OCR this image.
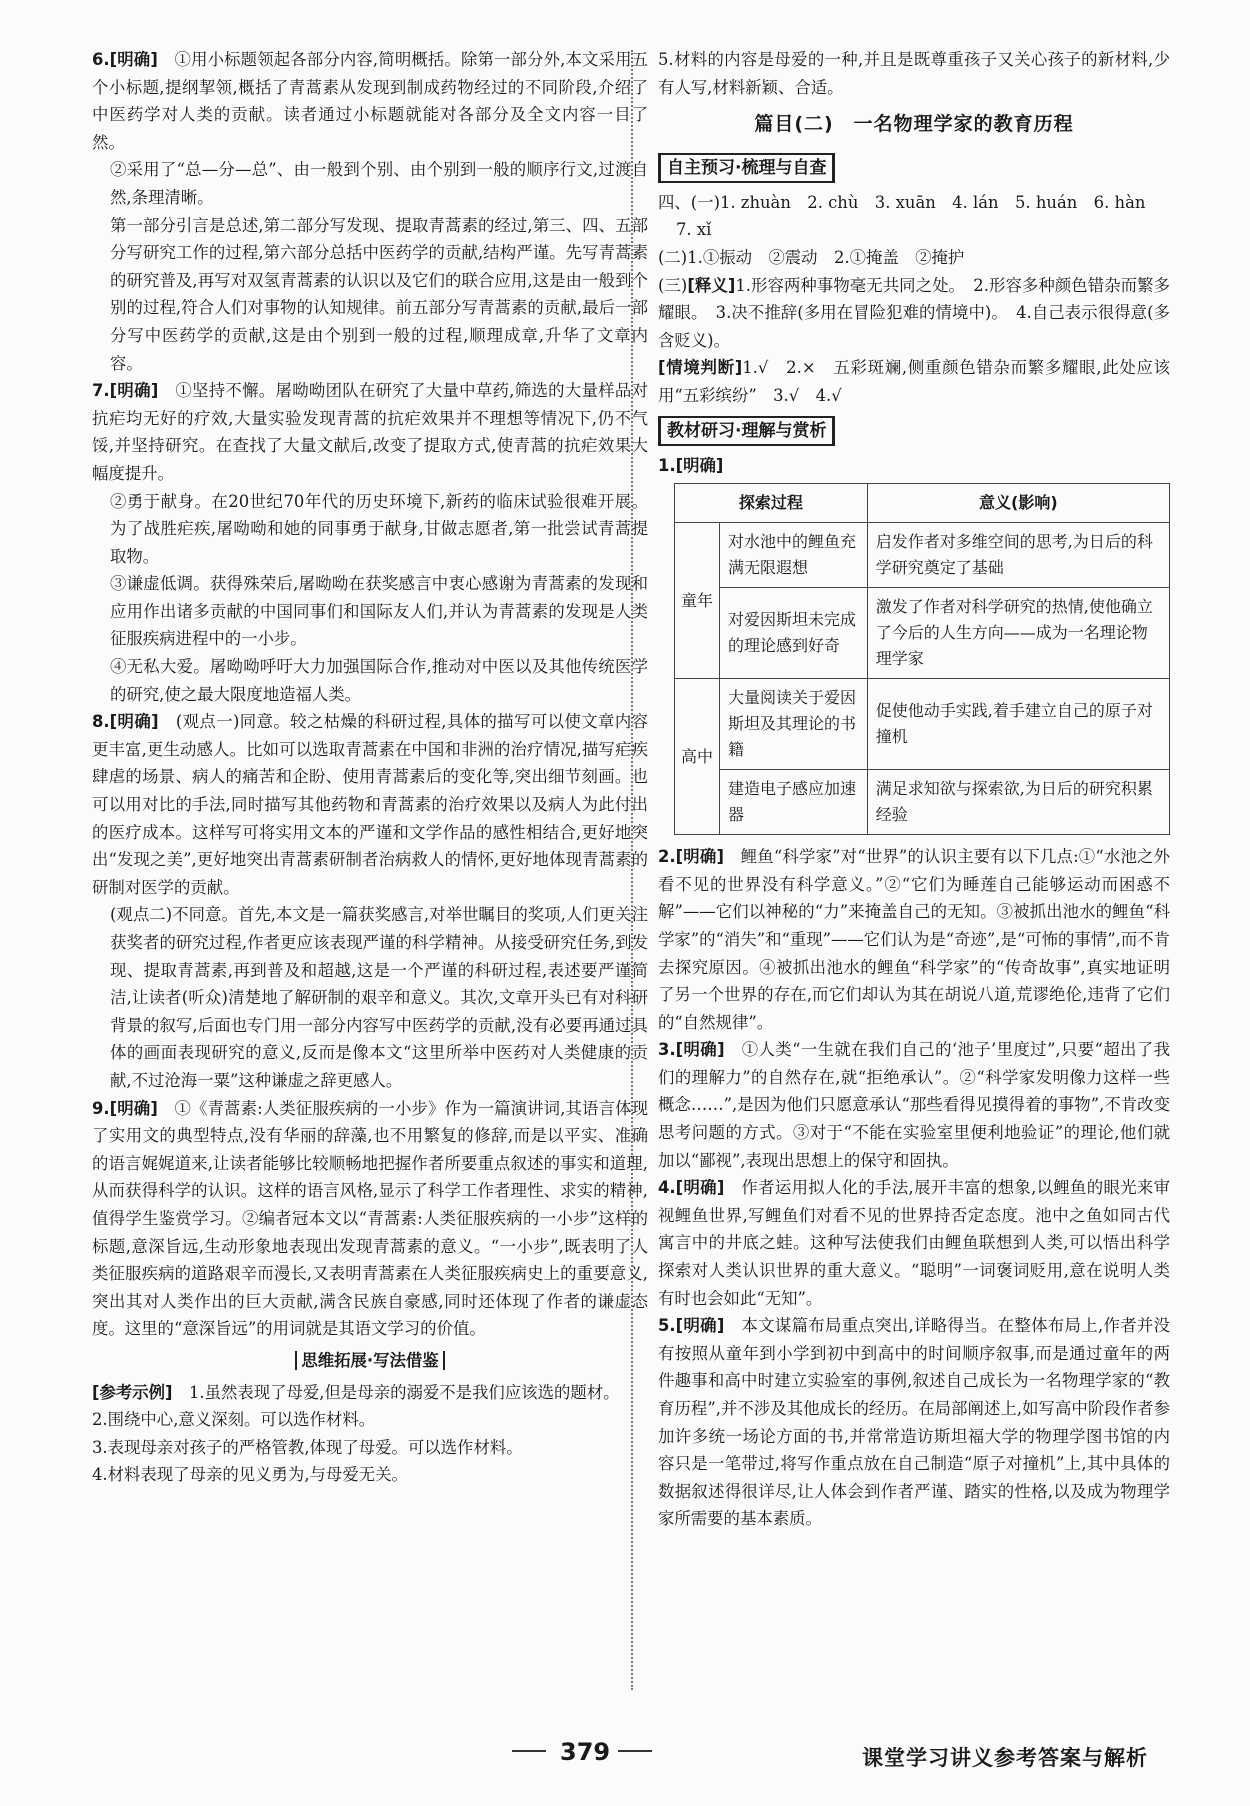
6.[明确]　 ①用小标题领起各部分内容,简明概括。除第一部分外,本文采用五个小标题,提纲挈领,概括了青蒿素从发现到制成药物经过的不同阶段,介绍了中医药学对人类的贡献。读者通过小标题就能对各部分及全文内容一目了然。

②采用了“总—分—总”、由一般到个别、由个别到一般的顺序行文,过渡自然,条理清晰。

第一部分引言是总述,第二部分写发现、提取青蒿素的经过,第三、四、五部分写研究工作的过程,第六部分总括中医药学的贡献,结构严谨。先写青蒿素的研究普及,再写对双氢青蒿素的认识以及它们的联合应用,这是由一般到个别的过程,符合人们对事物的认知规律。前五部分写青蒿素的贡献,最后一部分写中医药学的贡献,这是由个别到一般的过程,顺理成章,升华了文章内容。

7.[明确]　 ①坚持不懈。屠呦呦团队在研究了大量中草药,筛选的大量样品对抗疟均无好的疗效,大量实验发现青蒿的抗疟效果并不理想等情况下,仍不气馁,并坚持研究。在查找了大量文献后,改变了提取方式,使青蒿的抗疟效果大幅度提升。

②勇于献身。在20世纪70年代的历史环境下,新药的临床试验很难开展。为了战胜疟疾,屠呦呦和她的同事勇于献身,甘做志愿者,第一批尝试青蒿提取物。

③谦虚低调。获得殊荣后,屠呦呦在获奖感言中衷心感谢为青蒿素的发现和应用作出诸多贡献的中国同事们和国际友人们,并认为青蒿素的发现是人类征服疾病进程中的一小步。

④无私大爱。屠呦呦呼吁大力加强国际合作,推动对中医以及其他传统医学的研究,使之最大限度地造福人类。

8.[明确]　 (观点一)同意。较之枯燥的科研过程,具体的描写可以使文章内容更丰富,更生动感人。比如可以选取青蒿素在中国和非洲的治疗情况,描写疟疾肆虐的场景、病人的痛苦和企盼、使用青蒿素后的变化等,突出细节刻画。也可以用对比的手法,同时描写其他药物和青蒿素的治疗效果以及病人为此付出的医疗成本。这样写可将实用文本的严谨和文学作品的感性相结合,更好地突出“发现之美”,更好地突出青蒿素研制者治病救人的情怀,更好地体现青蒿素的研制对医学的贡献。

(观点二)不同意。首先,本文是一篇获奖感言,对举世瞩目的奖项,人们更关注获奖者的研究过程,作者更应该表现严谨的科学精神。从接受研究任务,到发现、提取青蒿素,再到普及和超越,这是一个严谨的科研过程,表述要严谨简洁,让读者(听众)清楚地了解研制的艰辛和意义。其次,文章开头已有对科研背景的叙写,后面也专门用一部分内容写中医药学的贡献,没有必要再通过具体的画面表现研究的意义,反而是像本文“这里所举中医药对人类健康的贡献,不过沧海一粟”这种谦虚之辞更感人。

9.[明确]　 ①《青蒿素:人类征服疾病的一小步》作为一篇演讲词,其语言体现了实用文的典型特点,没有华丽的辞藻,也不用繁复的修辞,而是以平实、准确的语言娓娓道来,让读者能够比较顺畅地把握作者所要重点叙述的事实和道理,从而获得科学的认识。这样的语言风格,显示了科学工作者理性、求实的精神,值得学生鉴赏学习。②编者冠本文以“青蒿素:人类征服疾病的一小步”这样的标题,意深旨远,生动形象地表现出发现青蒿素的意义。“一小步”,既表明了人类征服疾病的道路艰辛而漫长,又表明青蒿素在人类征服疾病史上的重要意义,突出其对人类作出的巨大贡献,满含民族自豪感,同时还体现了作者的谦虚态度。这里的“意深旨远”的用词就是其语文学习的价值。

思维拓展·写法借鉴

[参考示例]　 1.虽然表现了母爱,但是母亲的溺爱不是我们应该选的题材。

2.围绕中心,意义深刻。可以选作材料。

3.表现母亲对孩子的严格管教,体现了母爱。可以选作材料。

4.材料表现了母亲的见义勇为,与母爱无关。

5.材料的内容是母爱的一种,并且是既尊重孩子又关心孩子的新材料,少有人写,材料新颖、合适。

篇目(二)　一名物理学家的教育历程
自主预习·梳理与自查

四、(一)1. zhuàn　2. chù　3. xuān　4. lán　5. huán　6. hàn

7. xǐ

(二)1.①振动　②震动　2.①掩盖　②掩护

(三)[释义]1.形容两种事物毫无共同之处。　2.形容多种颜色错杂而繁多耀眼。　3.决不推辞(多用在冒险犯难的情境中)。　4.自己表示很得意(多含贬义)。

[情境判断]1.√　2.×　五彩斑斓,侧重颜色错杂而繁多耀眼,此处应该用“五彩缤纷”　3.√　4.√

教材研习·理解与赏析

1.[明确]

探索过程		意义(影响)
童年	对水池中的鲤鱼充满无限遐想	启发作者对多维空间的思考,为日后的科学研究奠定了基础
	对爱因斯坦未完成的理论感到好奇	激发了作者对科学研究的热情,使他确立了今后的人生方向——成为一名理论物理学家
高中	大量阅读关于爱因斯坦及其理论的书籍	促使他动手实践,着手建立自己的原子对撞机
	建造电子感应加速器	满足求知欲与探索欲,为日后的研究积累经验

2.[明确]　 鲤鱼“科学家”对“世界”的认识主要有以下几点:①“水池之外看不见的世界没有科学意义。”②“它们为睡莲自己能够运动而困惑不解”——它们以神秘的“力”来掩盖自己的无知。③被抓出池水的鲤鱼“科学家”的“消失”和“重现”——它们认为是“奇迹”,是“可怖的事情”,而不肯去探究原因。④被抓出池水的鲤鱼“科学家”的“传奇故事”,真实地证明了另一个世界的存在,而它们却认为其在胡说八道,荒谬绝伦,违背了它们的“自然规律”。

3.[明确]　 ①人类“一生就在我们自己的‘池子’里度过”,只要“超出了我们的理解力”的自然存在,就“拒绝承认”。②“科学家发明像力这样一些概念……”,是因为他们只愿意承认“那些看得见摸得着的事物”,不肯改变思考问题的方式。③对于“不能在实验室里便利地验证”的理论,他们就加以“鄙视”,表现出思想上的保守和固执。

4.[明确]　 作者运用拟人化的手法,展开丰富的想象,以鲤鱼的眼光来审视鲤鱼世界,写鲤鱼们对看不见的世界持否定态度。池中之鱼如同古代寓言中的井底之蛙。这种写法使我们由鲤鱼联想到人类,可以悟出科学探索对人类认识世界的重大意义。“聪明”一词褒词贬用,意在说明人类有时也会如此“无知”。

5.[明确]　 本文谋篇布局重点突出,详略得当。在整体布局上,作者并没有按照从童年到小学到初中到高中的时间顺序叙事,而是通过童年的两件趣事和高中时建立实验室的事例,叙述自己成长为一名物理学家的“教育历程”,并不涉及其他成长的经历。在局部阐述上,如写高中阶段作者参加许多统一场论方面的书,并常常造访斯坦福大学的物理学图书馆的内容只是一笔带过,将写作重点放在自己制造“原子对撞机”上,其中具体的数据叙述得很详尽,让人体会到作者严谨、踏实的性格,以及成为物理学家所需要的基本素质。

379	课堂学习讲义参考答案与解析
